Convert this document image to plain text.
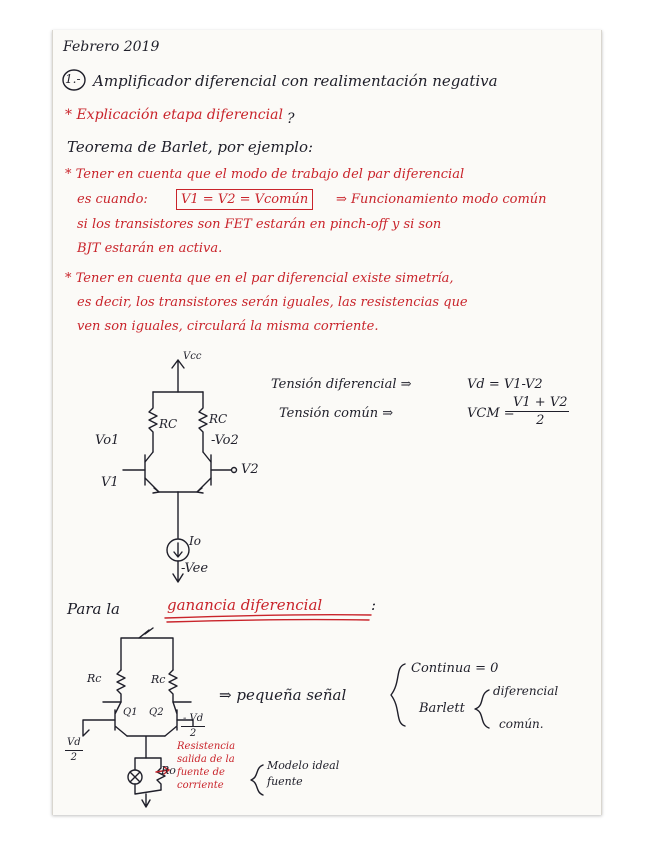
Febrero 2019
1.- Amplificador diferencial con realimentación negativa
* Explicación etapa diferencial ?
Teorema de Barlet, por ejemplo:
* Tener en cuenta que el modo de trabajo del par diferencial
es cuando:	V1 = V2 = Vcomún	⇒ Funcionamiento modo común
si los transistores son FET estarán en pinch-off y si son
BJT estarán en activa.
* Tener en cuenta que en el par diferencial existe simetría,
es decir, los transistores serán iguales, las resistencias que
ven son iguales, circulará la misma corriente.
Vcc
RC	RC
Vo1	-Vo2
V1
V2
Io
-Vee
Tensión diferencial ⇒	Vd = V1-V2
Tensión común ⇒	VCM =
$\frac{V1 + V2}{2}$
Para la	ganancia diferencial	:
Rc	Rc
Q1 Q2
$\frac{Vd}{2}$
$\frac{- Vd}{2}$
Ro
Resistencia
salida de la
fuente de
corriente
Modelo ideal
fuente
⇒ pequeña señal
Continua = 0
Barlett
diferencial
común.
